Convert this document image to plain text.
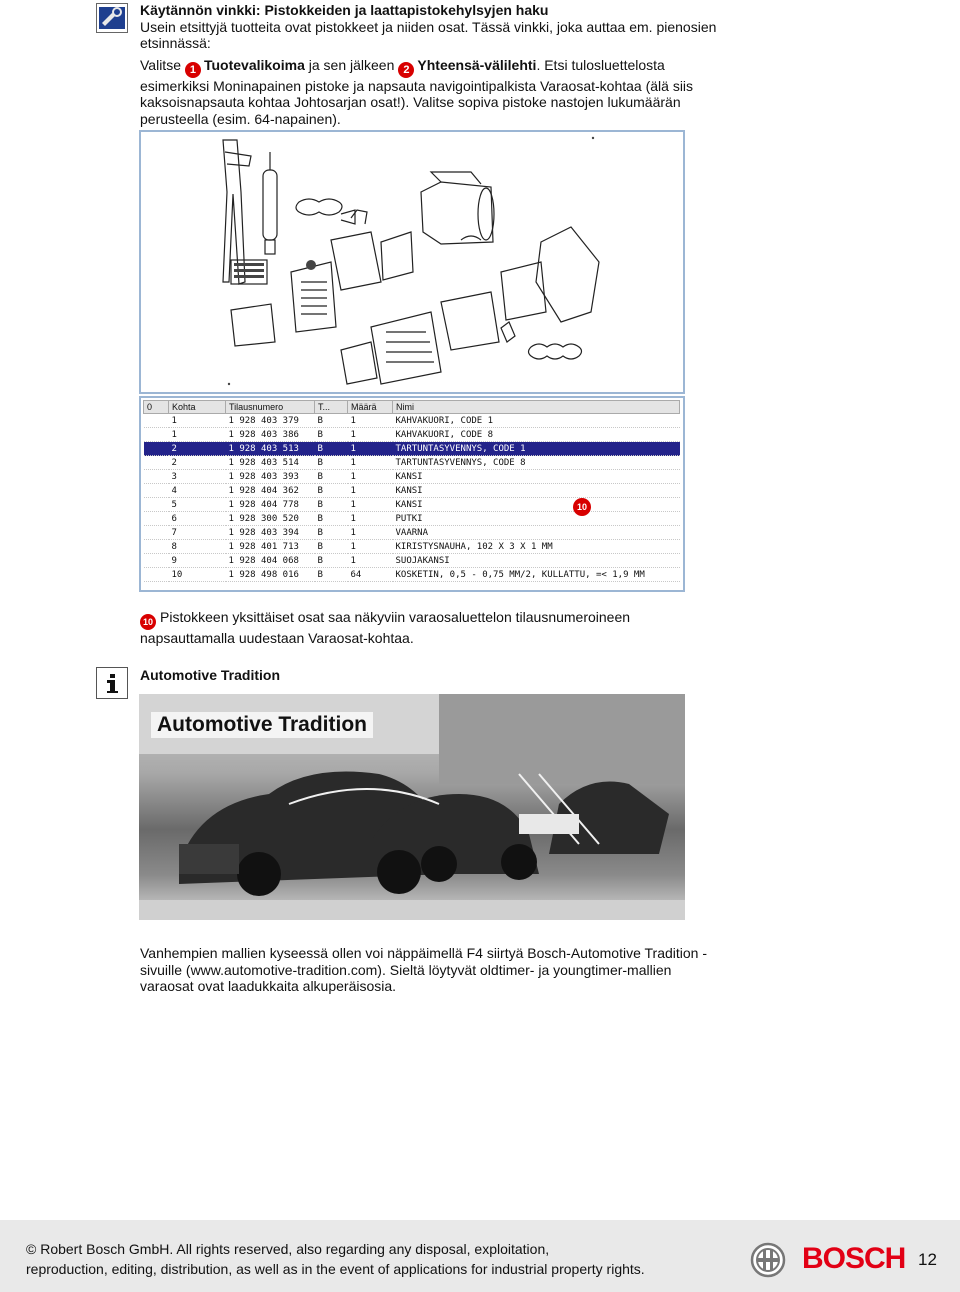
Käytännön vinkki: Pistokkeiden ja laattapistokehylsyjen haku
Usein etsittyjä tuotteita ovat pistokkeet ja niiden osat. Tässä vinkki, joka auttaa em. pienosien
etsinnässä:
Valitse 1 Tuotevalikoima ja sen jälkeen 2 Yhteensä-välilehti. Etsi tulosluettelosta
esimerkiksi Moninapainen pistoke ja napsauta navigointipalkista Varaosat-kohtaa (älä siis
kaksoisnapsauta kohtaa Johtosarjan osat!). Valitse sopiva pistoke nastojen lukumäärän
perusteella (esim. 64-napainen).
0	Kohta	Tilausnumero	T...	Määrä	Nimi
	1	1 928 403 379	B	1	KAHVAKUORI, CODE 1
	1	1 928 403 386	B	1	KAHVAKUORI, CODE 8
	2	1 928 403 513	B	1	TARTUNTASYVENNYS, CODE 1
	2	1 928 403 514	B	1	TARTUNTASYVENNYS, CODE 8
	3	1 928 403 393	B	1	KANSI
	4	1 928 404 362	B	1	KANSI
	5	1 928 404 778	B	1	KANSI
	6	1 928 300 520	B	1	PUTKI
	7	1 928 403 394	B	1	VAARNA
	8	1 928 401 713	B	1	KIRISTYSNAUHA, 102 X 3 X 1 MM
	9	1 928 404 068	B	1	SUOJAKANSI
	10	1 928 498 016	B	64	KOSKETIN, 0,5 - 0,75 MM/2, KULLATTU, =< 1,9 MM
10
10 Pistokkeen yksittäiset osat saa näkyviin varaosaluettelon tilausnumeroineen
napsauttamalla uudestaan Varaosat-kohtaa.
Automotive Tradition
Automotive Tradition
Vanhempien mallien kyseessä ollen voi näppäimellä F4 siirtyä Bosch-Automotive Tradition -
sivuille (www.automotive-tradition.com). Sieltä löytyvät oldtimer- ja youngtimer-mallien
varaosat ovat laadukkaita alkuperäisosia.
© Robert Bosch GmbH. All rights reserved, also regarding any disposal, exploitation,
reproduction, editing, distribution, as well as in the event of applications for industrial property rights.	BOSCH 12
